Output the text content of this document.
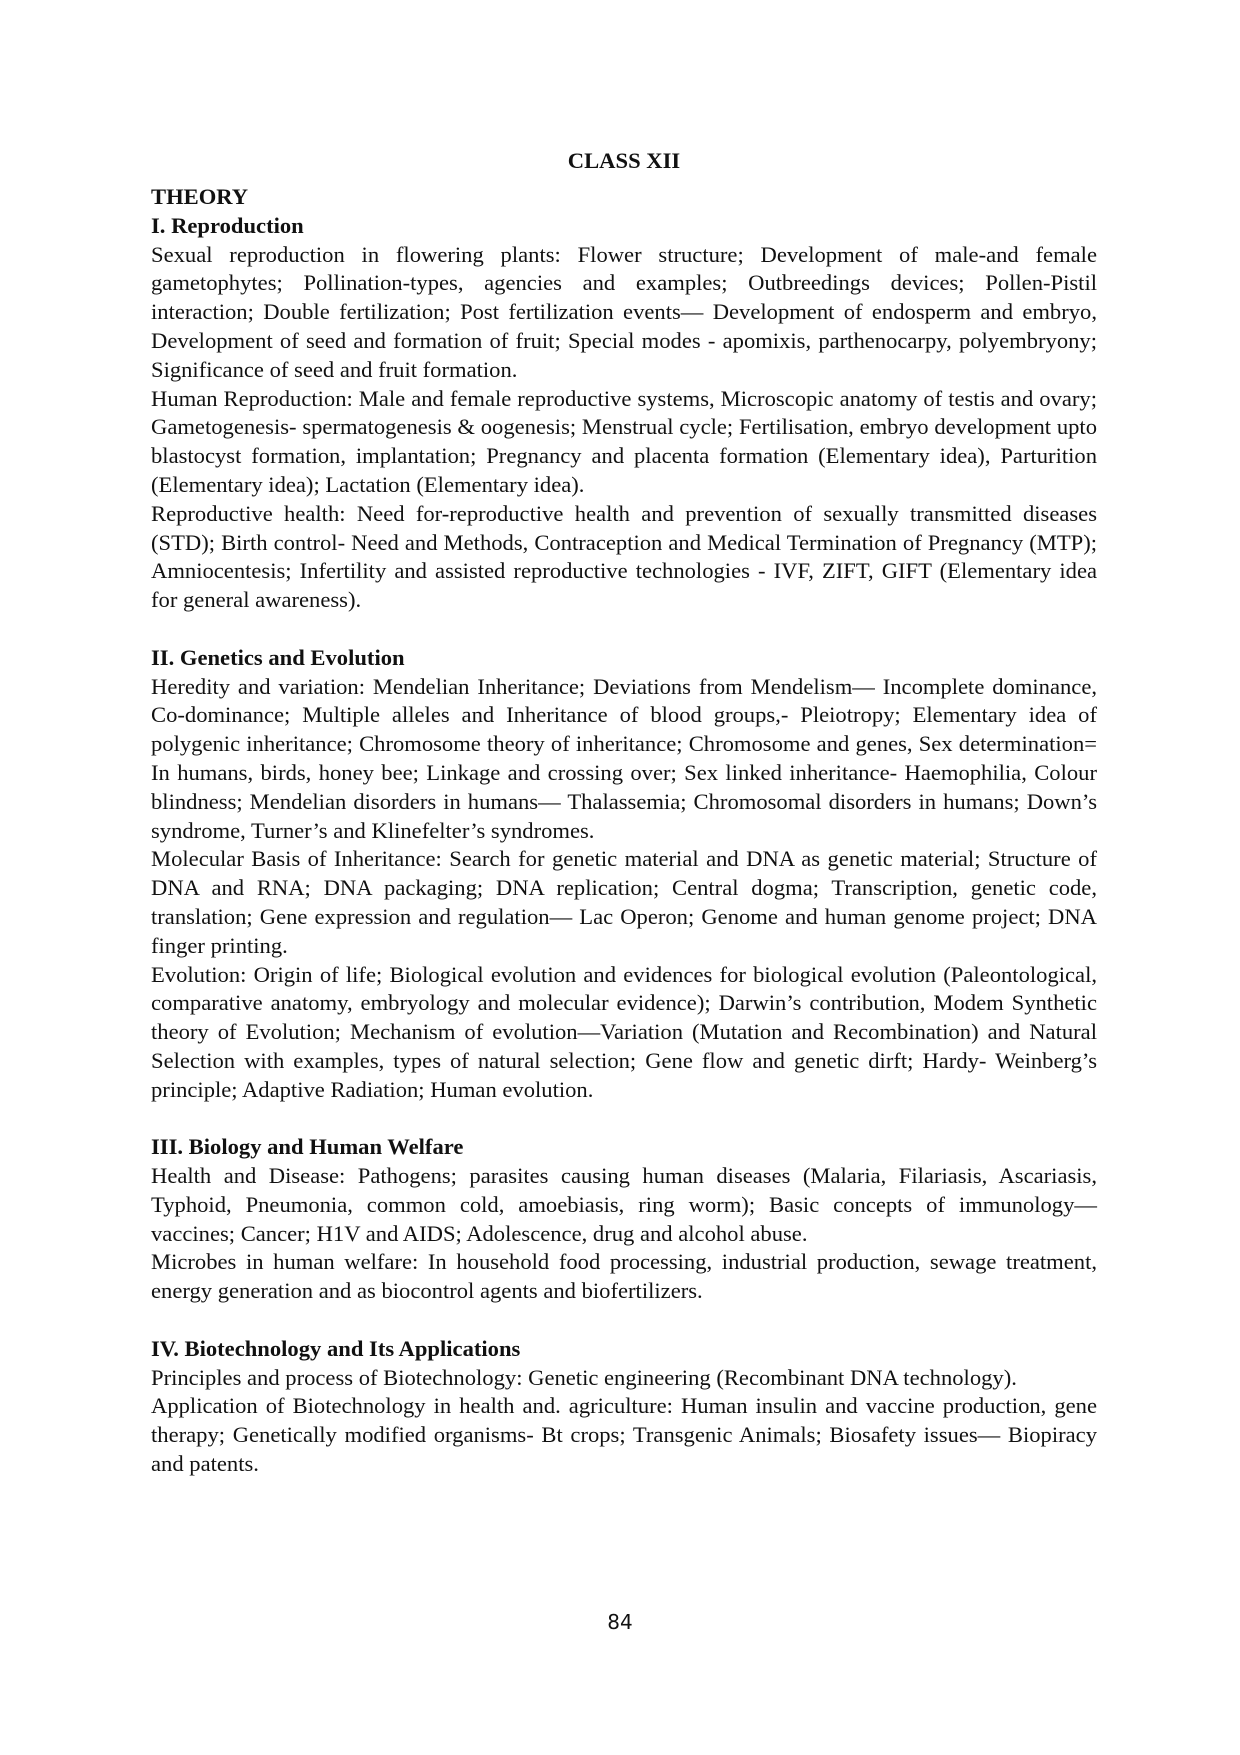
CLASS XII

THEORY

I. Reproduction

Sexual reproduction in flowering plants: Flower structure; Development of male-and female gametophytes; Pollination-types, agencies and examples; Outbreedings devices; Pollen-Pistil interaction; Double fertilization; Post fertilization events— Development of endosperm and embryo, Development of seed and formation of fruit; Special modes - apomixis, parthenocarpy, polyembryony; Significance of seed and fruit formation.

Human Reproduction: Male and female reproductive systems, Microscopic anatomy of testis and ovary; Gametogenesis- spermatogenesis & oogenesis; Menstrual cycle; Fertilisation, embryo development upto blastocyst formation, implantation; Pregnancy and placenta formation (Elementary idea), Parturition (Elementary idea); Lactation (Elementary idea).

Reproductive health: Need for-reproductive health and prevention of sexually transmitted diseases (STD); Birth control- Need and Methods, Contraception and Medical Termination of Pregnancy (MTP); Amniocentesis; Infertility and assisted reproductive technologies - IVF, ZIFT, GIFT (Elementary idea for general awareness).

II. Genetics and Evolution

Heredity and variation: Mendelian Inheritance; Deviations from Mendelism— Incomplete dominance, Co-dominance; Multiple alleles and Inheritance of blood groups,- Pleiotropy; Elementary idea of polygenic inheritance; Chromosome theory of inheritance; Chromosome and genes, Sex determination= In humans, birds, honey bee; Linkage and crossing over; Sex linked inheritance- Haemophilia, Colour blindness; Mendelian disorders in humans— Thalassemia; Chromosomal disorders in humans; Down’s syndrome, Turner’s and Klinefelter’s syndromes.

Molecular Basis of Inheritance: Search for genetic material and DNA as genetic material; Structure of DNA and RNA; DNA packaging; DNA replication; Central dogma; Transcription, genetic code, translation; Gene expression and regulation— Lac Operon; Genome and human genome project; DNA finger printing.

Evolution: Origin of life; Biological evolution and evidences for biological evolution (Paleontological, comparative anatomy, embryology and molecular evidence); Darwin’s contribution, Modem Synthetic theory of Evolution; Mechanism of evolution—Variation (Mutation and Recombination) and Natural Selection with examples, types of natural selection; Gene flow and genetic dirft; Hardy- Weinberg’s principle; Adaptive Radiation; Human evolution.

III. Biology and Human Welfare

Health and Disease: Pathogens; parasites causing human diseases (Malaria, Filariasis, Ascariasis, Typhoid, Pneumonia, common cold, amoebiasis, ring worm); Basic concepts of immunology—vaccines; Cancer; H1V and AIDS; Adolescence, drug and alcohol abuse.

Microbes in human welfare: In household food processing, industrial production, sewage treatment, energy generation and as biocontrol agents and biofertilizers.

IV. Biotechnology and Its Applications

Principles and process of Biotechnology: Genetic engineering (Recombinant DNA technology).

Application of Biotechnology in health and. agriculture: Human insulin and vaccine production, gene therapy; Genetically modified organisms- Bt crops; Transgenic Animals; Biosafety issues— Biopiracy and patents.

84
